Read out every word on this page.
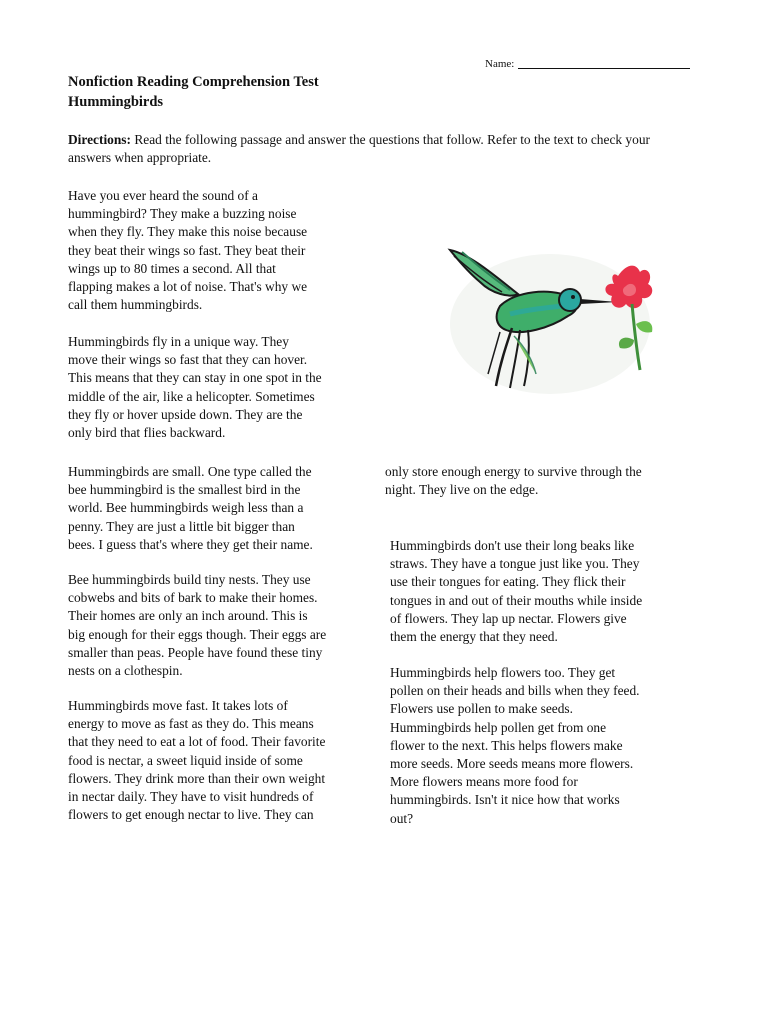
Name:
Nonfiction Reading Comprehension Test
Hummingbirds
Directions: Read the following passage and answer the questions that follow. Refer to the text to check your answers when appropriate.
Have you ever heard the sound of a
hummingbird? They make a buzzing noise
when they fly. They make this noise because
they beat their wings so fast. They beat their
wings up to 80 times a second. All that
flapping makes a lot of noise. That's why we
call them hummingbirds.
Hummingbirds fly in a unique way. They
move their wings so fast that they can hover.
This means that they can stay in one spot in the
middle of the air, like a helicopter. Sometimes
they fly or hover upside down. They are the
only bird that flies backward.
Hummingbirds are small. One type called the
bee hummingbird is the smallest bird in the
world. Bee hummingbirds weigh less than a
penny. They are just a little bit bigger than
bees. I guess that's where they get their name.
Bee hummingbirds build tiny nests. They use
cobwebs and bits of bark to make their homes.
Their homes are only an inch around. This is
big enough for their eggs though. Their eggs are
smaller than peas. People have found these tiny
nests on a clothespin.
Hummingbirds move fast. It takes lots of
energy to move as fast as they do. This means
that they need to eat a lot of food. Their favorite
food is nectar, a sweet liquid inside of some
flowers. They drink more than their own weight
in nectar daily. They have to visit hundreds of
flowers to get enough nectar to live. They can
only store enough energy to survive through the
night. They live on the edge.
Hummingbirds don't use their long beaks like
straws. They have a tongue just like you. They
use their tongues for eating. They flick their
tongues in and out of their mouths while inside
of flowers. They lap up nectar. Flowers give
them the energy that they need.
Hummingbirds help flowers too. They get
pollen on their heads and bills when they feed.
Flowers use pollen to make seeds.
Hummingbirds help pollen get from one
flower to the next. This helps flowers make
more seeds. More seeds means more flowers.
More flowers means more food for
hummingbirds. Isn't it nice how that works
out?
